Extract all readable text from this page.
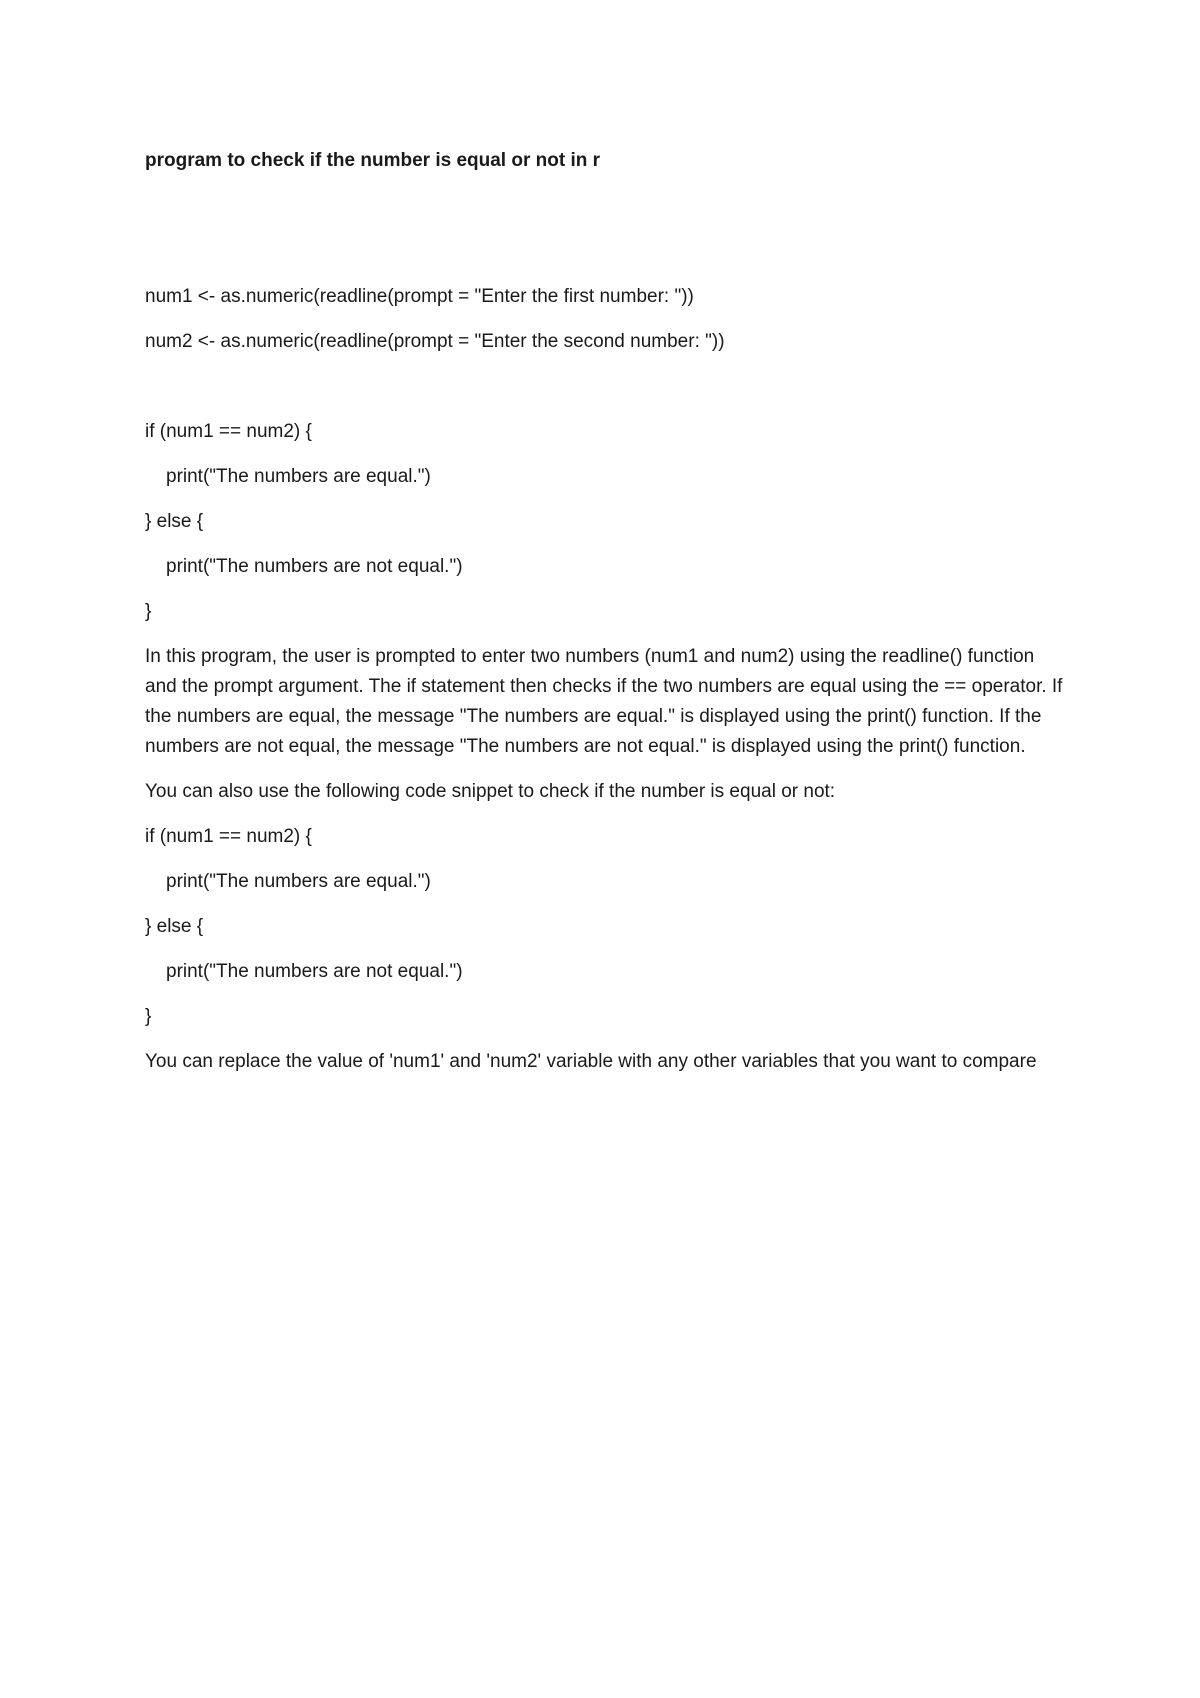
program to check if the number is equal or not in r

num1 <- as.numeric(readline(prompt = "Enter the first number: "))

num2 <- as.numeric(readline(prompt = "Enter the second number: "))

if (num1 == num2) {

print("The numbers are equal.")

} else {

print("The numbers are not equal.")

}

In this program, the user is prompted to enter two numbers (num1 and num2) using the readline() function and the prompt argument. The if statement then checks if the two numbers are equal using the == operator. If the numbers are equal, the message "The numbers are equal." is displayed using the print() function. If the numbers are not equal, the message "The numbers are not equal." is displayed using the print() function.

You can also use the following code snippet to check if the number is equal or not:

if (num1 == num2) {

print("The numbers are equal.")

} else {

print("The numbers are not equal.")

}

You can replace the value of 'num1' and 'num2' variable with any other variables that you want to compare
